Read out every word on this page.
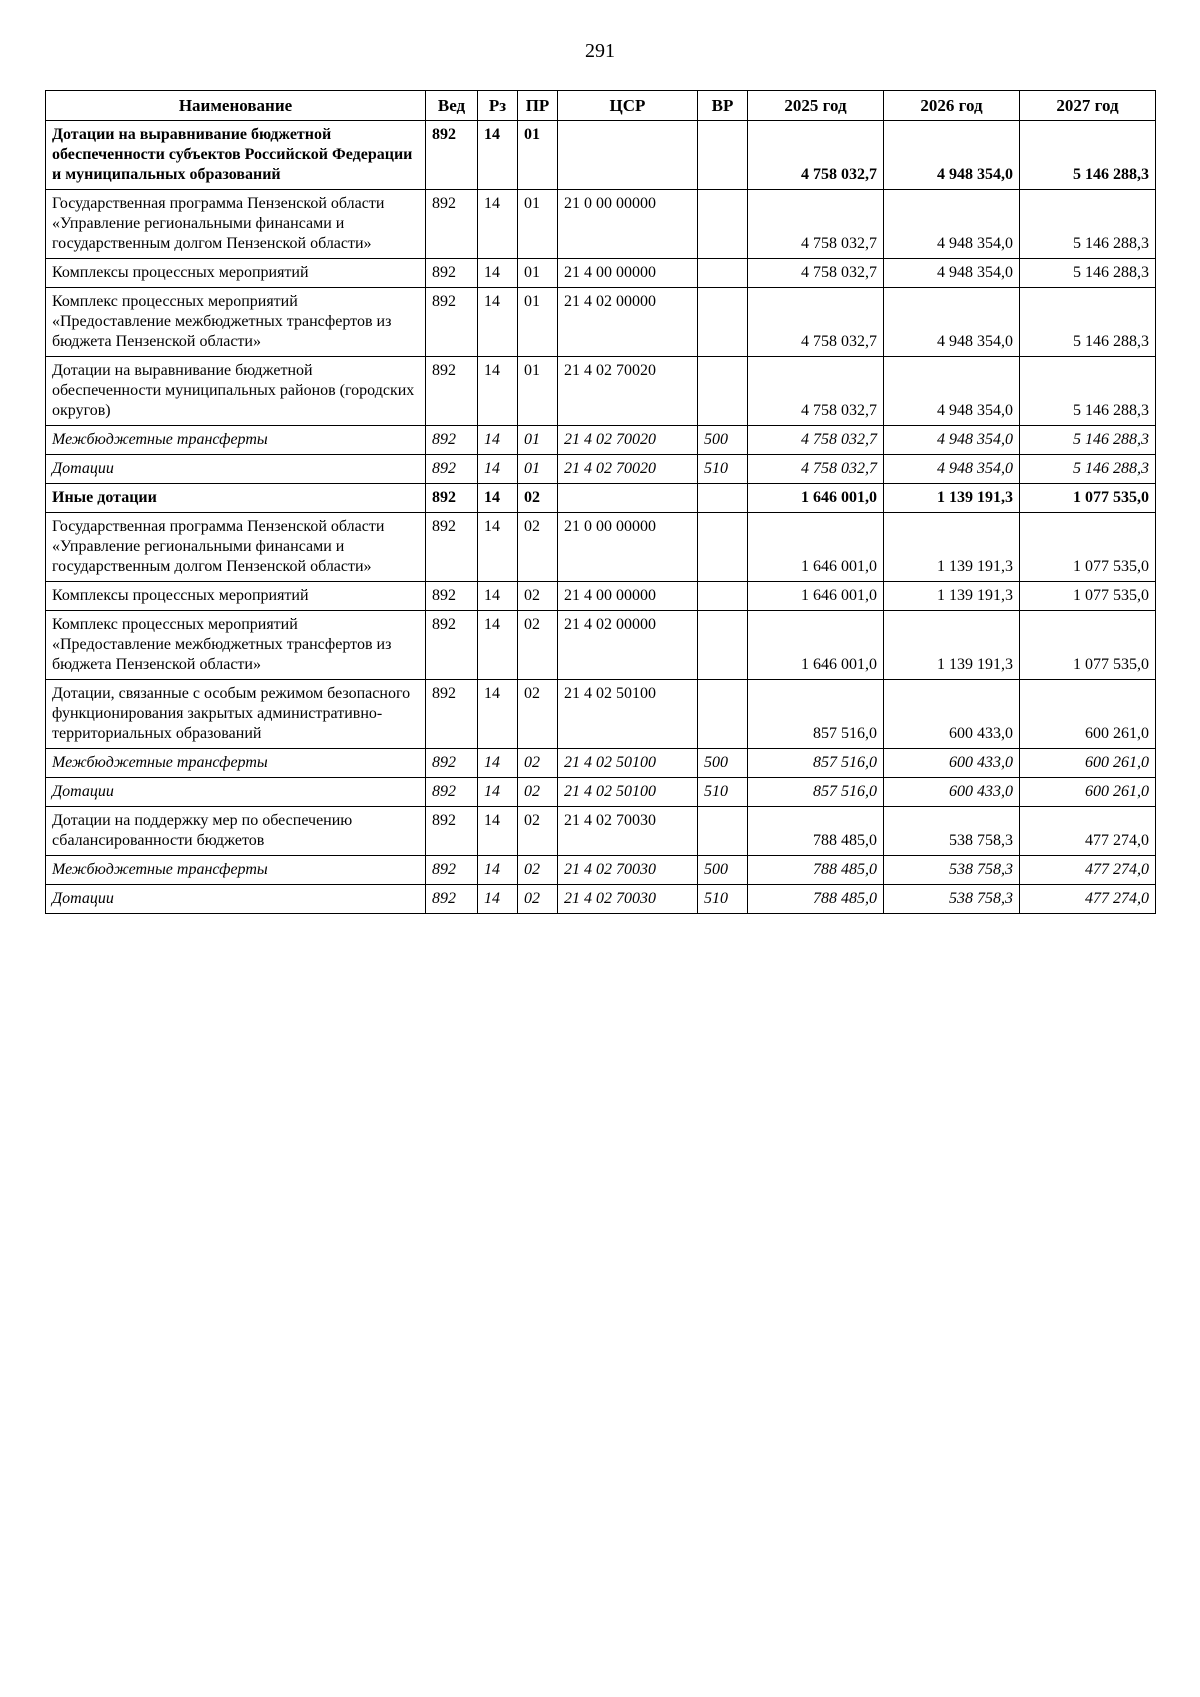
291
Наименование	Вед	Рз	ПР	ЦСР	ВР	2025 год	2026 год	2027 год
Дотации на выравнивание бюджетной обеспеченности субъектов Российской Федерации и муниципальных образований	892	14	01			4 758 032,7	4 948 354,0	5 146 288,3
Государственная программа Пензенской области «Управление региональными финансами и государственным долгом Пензенской области»	892	14	01	21 0 00 00000		4 758 032,7	4 948 354,0	5 146 288,3
Комплексы процессных мероприятий	892	14	01	21 4 00 00000		4 758 032,7	4 948 354,0	5 146 288,3
Комплекс процессных мероприятий «Предоставление межбюджетных трансфертов из бюджета Пензенской области»	892	14	01	21 4 02 00000		4 758 032,7	4 948 354,0	5 146 288,3
Дотации на выравнивание бюджетной обеспеченности муниципальных районов (городских округов)	892	14	01	21 4 02 70020		4 758 032,7	4 948 354,0	5 146 288,3
Межбюджетные трансферты	892	14	01	21 4 02 70020	500	4 758 032,7	4 948 354,0	5 146 288,3
Дотации	892	14	01	21 4 02 70020	510	4 758 032,7	4 948 354,0	5 146 288,3
Иные дотации	892	14	02			1 646 001,0	1 139 191,3	1 077 535,0
Государственная программа Пензенской области «Управление региональными финансами и государственным долгом Пензенской области»	892	14	02	21 0 00 00000		1 646 001,0	1 139 191,3	1 077 535,0
Комплексы процессных мероприятий	892	14	02	21 4 00 00000		1 646 001,0	1 139 191,3	1 077 535,0
Комплекс процессных мероприятий «Предоставление межбюджетных трансфертов из бюджета Пензенской области»	892	14	02	21 4 02 00000		1 646 001,0	1 139 191,3	1 077 535,0
Дотации, связанные с особым режимом безопасного функционирования закрытых административно-территориальных образований	892	14	02	21 4 02 50100		857 516,0	600 433,0	600 261,0
Межбюджетные трансферты	892	14	02	21 4 02 50100	500	857 516,0	600 433,0	600 261,0
Дотации	892	14	02	21 4 02 50100	510	857 516,0	600 433,0	600 261,0
Дотации на поддержку мер по обеспечению сбалансированности бюджетов	892	14	02	21 4 02 70030		788 485,0	538 758,3	477 274,0
Межбюджетные трансферты	892	14	02	21 4 02 70030	500	788 485,0	538 758,3	477 274,0
Дотации	892	14	02	21 4 02 70030	510	788 485,0	538 758,3	477 274,0
